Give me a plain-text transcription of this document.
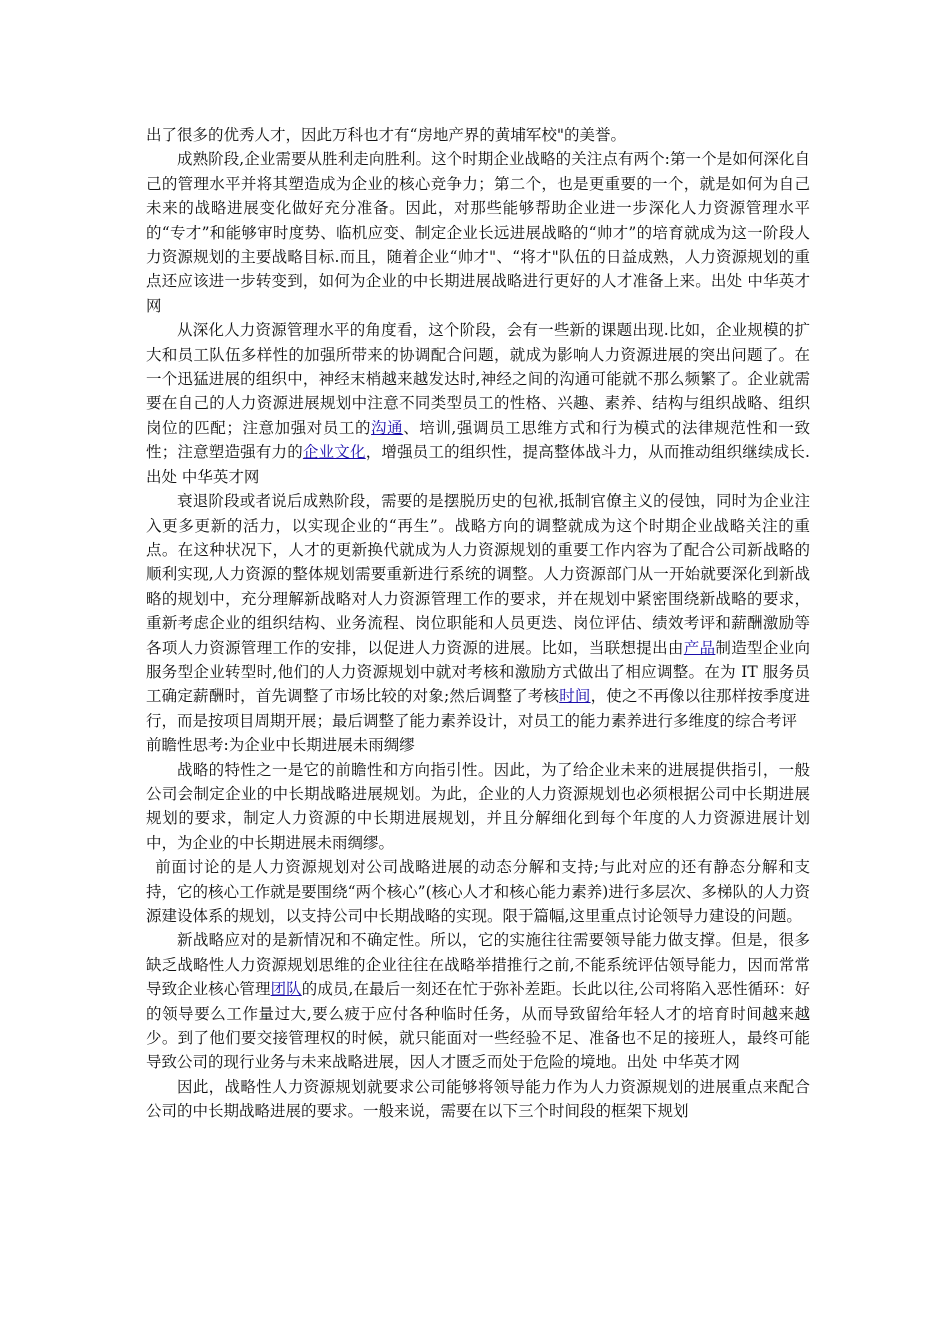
出了很多的优秀人才，因此万科也才有“房地产界的黄埔军校"的美誉。

成熟阶段,企业需要从胜利走向胜利。这个时期企业战略的关注点有两个:第一个是如何深化自己的管理水平并将其塑造成为企业的核心竞争力；第二个，也是更重要的一个，就是如何为自己未来的战略进展变化做好充分准备。因此，对那些能够帮助企业进一步深化人力资源管理水平的“专才”和能够审时度势、临机应变、制定企业长远进展战略的“帅才”的培育就成为这一阶段人力资源规划的主要战略目标.而且，随着企业“帅才"、“将才"队伍的日益成熟，人力资源规划的重点还应该进一步转变到，如何为企业的中长期进展战略进行更好的人才准备上来。出处 中华英才网

从深化人力资源管理水平的角度看，这个阶段，会有一些新的课题出现.比如，企业规模的扩大和员工队伍多样性的加强所带来的协调配合问题，就成为影响人力资源进展的突出问题了。在一个迅猛进展的组织中，神经末梢越来越发达时,神经之间的沟通可能就不那么频繁了。企业就需要在自己的人力资源进展规划中注意不同类型员工的性格、兴趣、素养、结构与组织战略、组织岗位的匹配；注意加强对员工的沟通、培训,强调员工思维方式和行为模式的法律规范性和一致性；注意塑造强有力的企业文化，增强员工的组织性，提高整体战斗力，从而推动组织继续成长.出处 中华英才网

衰退阶段或者说后成熟阶段，需要的是摆脱历史的包袱,抵制官僚主义的侵蚀，同时为企业注入更多更新的活力，以实现企业的“再生”。战略方向的调整就成为这个时期企业战略关注的重点。在这种状况下，人才的更新换代就成为人力资源规划的重要工作内容为了配合公司新战略的顺利实现,人力资源的整体规划需要重新进行系统的调整。人力资源部门从一开始就要深化到新战略的规划中，充分理解新战略对人力资源管理工作的要求，并在规划中紧密围绕新战略的要求，重新考虑企业的组织结构、业务流程、岗位职能和人员更迭、岗位评估、绩效考评和薪酬激励等各项人力资源管理工作的安排，以促进人力资源的进展。比如，当联想提出由产品制造型企业向服务型企业转型时,他们的人力资源规划中就对考核和激励方式做出了相应调整。在为 IT 服务员工确定薪酬时，首先调整了市场比较的对象;然后调整了考核时间，使之不再像以往那样按季度进行，而是按项目周期开展；最后调整了能力素养设计，对员工的能力素养进行多维度的综合考评

前瞻性思考:为企业中长期进展未雨绸缪

战略的特性之一是它的前瞻性和方向指引性。因此，为了给企业未来的进展提供指引，一般公司会制定企业的中长期战略进展规划。为此，企业的人力资源规划也必须根据公司中长期进展规划的要求，制定人力资源的中长期进展规划，并且分解细化到每个年度的人力资源进展计划中，为企业的中长期进展未雨绸缪。

前面讨论的是人力资源规划对公司战略进展的动态分解和支持;与此对应的还有静态分解和支持，它的核心工作就是要围绕“两个核心”(核心人才和核心能力素养)进行多层次、多梯队的人力资源建设体系的规划，以支持公司中长期战略的实现。限于篇幅,这里重点讨论领导力建设的问题。

新战略应对的是新情况和不确定性。所以，它的实施往往需要领导能力做支撑。但是，很多缺乏战略性人力资源规划思维的企业往往在战略举措推行之前,不能系统评估领导能力，因而常常导致企业核心管理团队的成员,在最后一刻还在忙于弥补差距。长此以往,公司将陷入恶性循环：好的领导要么工作量过大,要么疲于应付各种临时任务，从而导致留给年轻人才的培育时间越来越少。到了他们要交接管理权的时候，就只能面对一些经验不足、准备也不足的接班人，最终可能导致公司的现行业务与未来战略进展，因人才匮乏而处于危险的境地。出处 中华英才网

因此，战略性人力资源规划就要求公司能够将领导能力作为人力资源规划的进展重点来配合公司的中长期战略进展的要求。一般来说，需要在以下三个时间段的框架下规划
